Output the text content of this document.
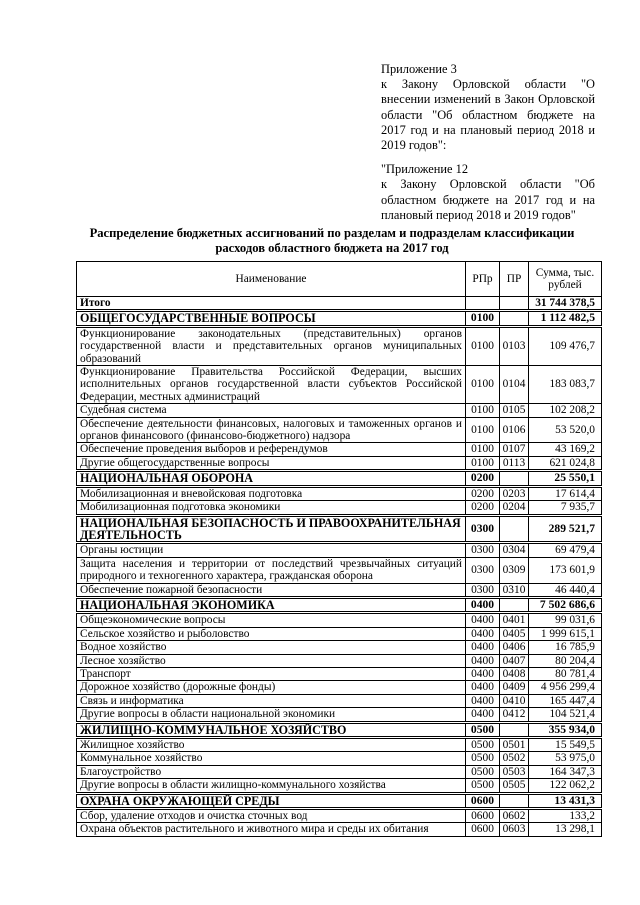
Приложение 3

к Закону Орловской области "О внесении изменений в Закон Орловской области "Об областном бюджете на 2017 год и на плановый период 2018 и 2019 годов":

"Приложение 12

к Закону Орловской области "Об областном бюджете на 2017 год и на плановый период 2018 и 2019 годов"

Распределение бюджетных ассигнований по разделам и подразделам классификации расходов областного бюджета на 2017 год
Наименование	РПр	ПР	Сумма, тыс. рублей
Итого			31 744 378,5
ОБЩЕГОСУДАРСТВЕННЫЕ ВОПРОСЫ	0100		1 112 482,5
Функционирование законодательных (представительных) органов государственной власти и представительных органов муниципальных образований	0100	0103	109 476,7
Функционирование Правительства Российской Федерации, высших исполнительных органов государственной власти субъектов Российской Федерации, местных администраций	0100	0104	183 083,7
Судебная система	0100	0105	102 208,2
Обеспечение деятельности финансовых, налоговых и таможенных органов и органов финансового (финансово-бюджетного) надзора	0100	0106	53 520,0
Обеспечение проведения выборов и референдумов	0100	0107	43 169,2
Другие общегосударственные вопросы	0100	0113	621 024,8
НАЦИОНАЛЬНАЯ ОБОРОНА	0200		25 550,1
Мобилизационная и вневойсковая подготовка	0200	0203	17 614,4
Мобилизационная подготовка экономики	0200	0204	7 935,7
НАЦИОНАЛЬНАЯ БЕЗОПАСНОСТЬ И ПРАВООХРАНИТЕЛЬНАЯ ДЕЯТЕЛЬНОСТЬ	0300		289 521,7
Органы юстиции	0300	0304	69 479,4
Защита населения и территории от последствий чрезвычайных ситуаций природного и техногенного характера, гражданская оборона	0300	0309	173 601,9
Обеспечение пожарной безопасности	0300	0310	46 440,4
НАЦИОНАЛЬНАЯ ЭКОНОМИКА	0400		7 502 686,6
Общеэкономические вопросы	0400	0401	99 031,6
Сельское хозяйство и рыболовство	0400	0405	1 999 615,1
Водное хозяйство	0400	0406	16 785,9
Лесное хозяйство	0400	0407	80 204,4
Транспорт	0400	0408	80 781,4
Дорожное хозяйство (дорожные фонды)	0400	0409	4 956 299,4
Связь и информатика	0400	0410	165 447,4
Другие вопросы в области национальной экономики	0400	0412	104 521,4
ЖИЛИЩНО-КОММУНАЛЬНОЕ ХОЗЯЙСТВО	0500		355 934,0
Жилищное хозяйство	0500	0501	15 549,5
Коммунальное хозяйство	0500	0502	53 975,0
Благоустройство	0500	0503	164 347,3
Другие вопросы в области жилищно-коммунального хозяйства	0500	0505	122 062,2
ОХРАНА ОКРУЖАЮЩЕЙ СРЕДЫ	0600		13 431,3
Сбор, удаление отходов и очистка сточных вод	0600	0602	133,2
Охрана объектов растительного и животного мира и среды их обитания	0600	0603	13 298,1
